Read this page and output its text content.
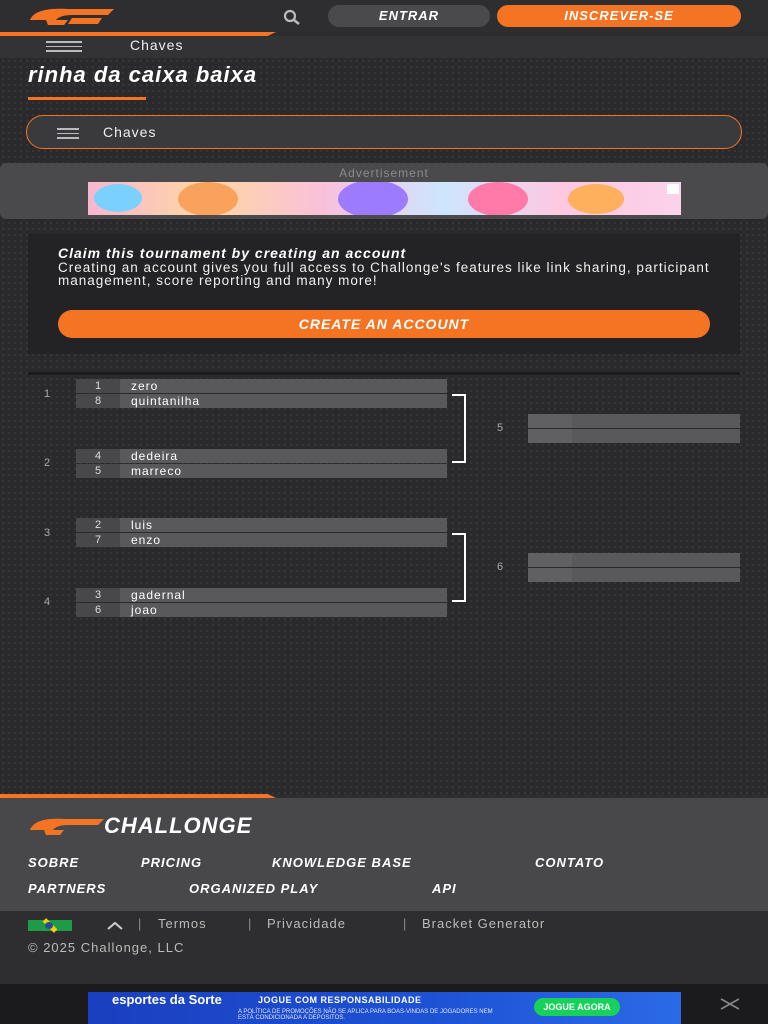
ENTRAR	INSCREVER-SE
Chaves
rinha da caixa baixa
Chaves
Advertisement
Claim this tournament by creating an account
Creating an account gives you full access to Challonge's features like link sharing, participant management, score reporting and many more!
CREATE AN ACCOUNT
1
2
3
4
1	zero
8	quintanilha
4	dedeira
5	marreco
2	luis
7	enzo
3	gadernal
6	joao
5
6
CHALLONGE
SOBRE	PRICING	KNOWLEDGE BASE	CONTATO
PARTNERS	ORGANIZED PLAY	API
| Termos	| Privacidade	| Bracket Generator
© 2025 Challonge, LLC
esportes da Sorte	JOGUE COM RESPONSABILIDADE
A POLÍTICA DE PROMOÇÕES NÃO SE APLICA PARA BOAS-VINDAS DE JOGADORES NEM ESTÁ CONDICIONADA A DEPÓSITOS.
JOGUE AGORA
